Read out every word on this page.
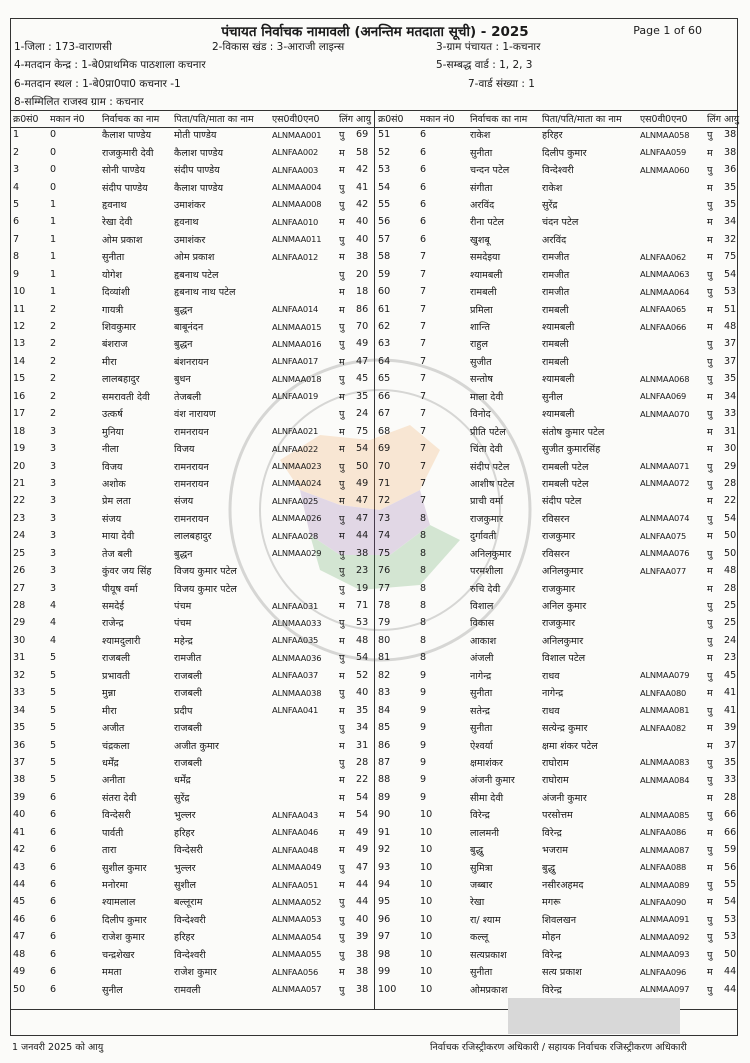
पंचायत निर्वाचक नामावली (अनन्तिम मतदाता सूची) - 2025	Page 1 of 60
1-जिला : 173-वाराणसी	2-विकास खंड : 3-आराजी लाइन्स	3-ग्राम पंचायत : 1-कचनार
4-मतदान केन्द्र : 1-बे0प्राथमिक पाठशाला कचनार	5-सम्बद्ध वार्ड : 1, 2, 3
6-मतदान स्थल : 1-बे0प्रा0पा0 कचनार -1	7-वार्ड संख्या : 1
8-सम्मिलित राजस्व ग्राम : कचनार
क्र0सं0	मकान नं0	निर्वाचक का नाम	पिता/पति/माता का नाम	एस0वी0एन0	लिंग	आयु
1	0	कैलाश पाण्डेय	मोती पाण्डेय	ALNMAA001	पु	69
2	0	राजकुमारी देवी	कैलाश पाण्डेय	ALNFAA002	म	58
3	0	सोनी पाण्डेय	संदीप पाण्डेय	ALNFAA003	म	42
4	0	संदीप पाण्डेय	कैलाश पाण्डेय	ALNMAA004	पु	41
5	1	हृवनाथ	उमाशंकर	ALNMAA008	पु	42
6	1	रेखा देवी	हृवनाथ	ALNFAA010	म	40
7	1	ओम प्रकाश	उमाशंकर	ALNMAA011	पु	40
8	1	सुनीता	ओम प्रकाश	ALNFAA012	म	38
9	1	योगेश	हृबनाथ पटेल		पु	20
10	1	दिव्यांशी	हृबनाथ नाथ पटेल		म	18
11	2	गायत्री	बुद्धन	ALNFAA014	म	86
12	2	शिवकुमार	बाबूनंदन	ALNMAA015	पु	70
13	2	बंशराज	बुद्धन	ALNMAA016	पु	49
14	2	मीरा	बंशनरायन	ALNFAA017	म	47
15	2	लालबहादुर	बुधन	ALNMAA018	पु	45
16	2	समरावती देवी	तेजबली	ALNFAA019	म	35
17	2	उत्कर्ष	वंश नारायण		पु	24
18	3	मुनिया	रामनरायन	ALNFAA021	म	75
19	3	नीला	विजय	ALNFAA022	म	54
20	3	विजय	रामनरायन	ALNMAA023	पु	50
21	3	अशोक	रामनरायन	ALNMAA024	पु	49
22	3	प्रेम लता	संजय	ALNFAA025	म	47
23	3	संजय	रामनरायन	ALNMAA026	पु	47
24	3	माया देवी	लालबहादुर	ALNFAA028	म	44
25	3	तेज बली	बुद्धन	ALNMAA029	पु	38
26	3	कुंवर जय सिंह	विजय कुमार पटेल		पु	23
27	3	पीयूष वर्मा	विजय कुमार पटेल		पु	19
28	4	समदेई	पंचम	ALNFAA031	म	71
29	4	राजेन्द्र	पंचम	ALNMAA033	पु	53
30	4	श्यामदुलारी	महेन्द्र	ALNFAA035	म	48
31	5	राजबली	रामजीत	ALNMAA036	पु	54
32	5	प्रभावती	राजबली	ALNFAA037	म	52
33	5	मुन्ना	राजबली	ALNMAA038	पु	40
34	5	मीरा	प्रदीप	ALNFAA041	म	35
35	5	अजीत	राजबली		पु	34
36	5	चंद्रकला	अजीत कुमार		म	31
37	5	धर्मेंद्र	राजबली		पु	28
38	5	अनीता	धर्मेंद्र		म	22
39	6	संतरा देवी	सुरेंद्र		म	54
40	6	विन्देसरी	भुल्लर	ALNFAA043	म	54
41	6	पार्वती	हरिहर	ALNFAA046	म	49
42	6	तारा	विन्देसरी	ALNFAA048	म	49
43	6	सुशील कुमार	भुल्लर	ALNMAA049	पु	47
44	6	मनोरमा	सुशील	ALNFAA051	म	44
45	6	श्यामलाल	बल्लूराम	ALNMAA052	पु	44
46	6	दिलीप कुमार	विन्देश्वरी	ALNMAA053	पु	40
47	6	राजेश कुमार	हरिहर	ALNMAA054	पु	39
48	6	चन्द्रशेखर	विन्देश्वरी	ALNMAA055	पु	38
49	6	ममता	राजेश कुमार	ALNFAA056	म	38
50	6	सुनील	रामवली	ALNMAA057	पु	38
क्र0सं0	मकान नं0	निर्वाचक का नाम	पिता/पति/माता का नाम	एस0वी0एन0	लिंग	आयु
51	6	राकेश	हरिहर	ALNMAA058	पु	38
52	6	सुनीता	दिलीप कुमार	ALNFAA059	म	38
53	6	चन्दन पटेल	विन्देश्वरी	ALNMAA060	पु	36
54	6	संगीता	राकेश		म	35
55	6	अरविंद	सुरेंद्र		पु	35
56	6	रीना पटेल	चंदन पटेल		म	34
57	6	खुशबू	अरविंद		म	32
58	7	समदेइया	रामजीत	ALNFAA062	म	75
59	7	श्यामबली	रामजीत	ALNMAA063	पु	54
60	7	रामबली	रामजीत	ALNMAA064	पु	53
61	7	प्रमिला	रामबली	ALNFAA065	म	51
62	7	शान्ति	श्यामबली	ALNFAA066	म	48
63	7	राहुल	रामबली		पु	37
64	7	सुजीत	रामबली		पु	37
65	7	सन्तोष	श्यामबली	ALNMAA068	पु	35
66	7	माला देवी	सुनील	ALNFAA069	म	34
67	7	विनोद	श्यामबली	ALNMAA070	पु	33
68	7	प्रीति पटेल	संतोष कुमार पटेल		म	31
69	7	चिंता देवी	सुजीत कुमारसिंह		म	30
70	7	संदीप पटेल	रामबली पटेल	ALNMAA071	पु	29
71	7	आशीष पटेल	रामबली पटेल	ALNMAA072	पु	28
72	7	प्राची वर्मा	संदीप पटेल		म	22
73	8	राजकुमार	रविसरन	ALNMAA074	पु	54
74	8	दुर्गावती	राजकुमार	ALNFAA075	म	50
75	8	अनिलकुमार	रविसरन	ALNMAA076	पु	50
76	8	परमशीला	अनिलकुमार	ALNFAA077	म	48
77	8	रुचि देवी	राजकुमार		म	28
78	8	विशाल	अनिल कुमार		पु	25
79	8	विकास	राजकुमार		पु	25
80	8	आकाश	अनिलकुमार		पु	24
81	8	अंजली	विशाल पटेल		म	23
82	9	नागेन्द्र	राधव	ALNMAA079	पु	45
83	9	सुनीता	नागेन्द्र	ALNFAA080	म	41
84	9	सतेन्द्र	राधव	ALNMAA081	पु	41
85	9	सुनीता	सत्येन्द्र कुमार	ALNFAA082	म	39
86	9	ऐश्वर्या	क्षमा शंकर पटेल		म	37
87	9	क्षमाशंकर	राघोराम	ALNMAA083	पु	35
88	9	अंजनी कुमार	राघोराम	ALNMAA084	पु	33
89	9	सीमा देवी	अंजनी कुमार		म	28
90	10	विरेन्द्र	परसोत्तम	ALNMAA085	पु	66
91	10	लालमनी	विरेन्द्र	ALNFAA086	म	66
92	10	बुद्धु	भजराम	ALNMAA087	पु	59
93	10	सुमित्रा	बुद्धु	ALNFAA088	म	56
94	10	जब्बार	नसीरअहमद	ALNMAA089	पु	55
95	10	रेखा	मगरू	ALNFAA090	म	54
96	10	रा/ श्याम	शिवलखन	ALNMAA091	पु	53
97	10	कल्लू	मोहन	ALNMAA092	पु	53
98	10	सत्यप्रकाश	विरेन्द्र	ALNMAA093	पु	50
99	10	सुनीता	सत्य प्रकाश	ALNFAA096	म	44
100	10	ओमप्रकाश	विरेन्द्र	ALNMAA097	पु	44
1 जनवरी 2025 को आयु	निर्वाचक रजिस्ट्रीकरण अधिकारी / सहायक निर्वाचक रजिस्ट्रीकरण अधिकारी
